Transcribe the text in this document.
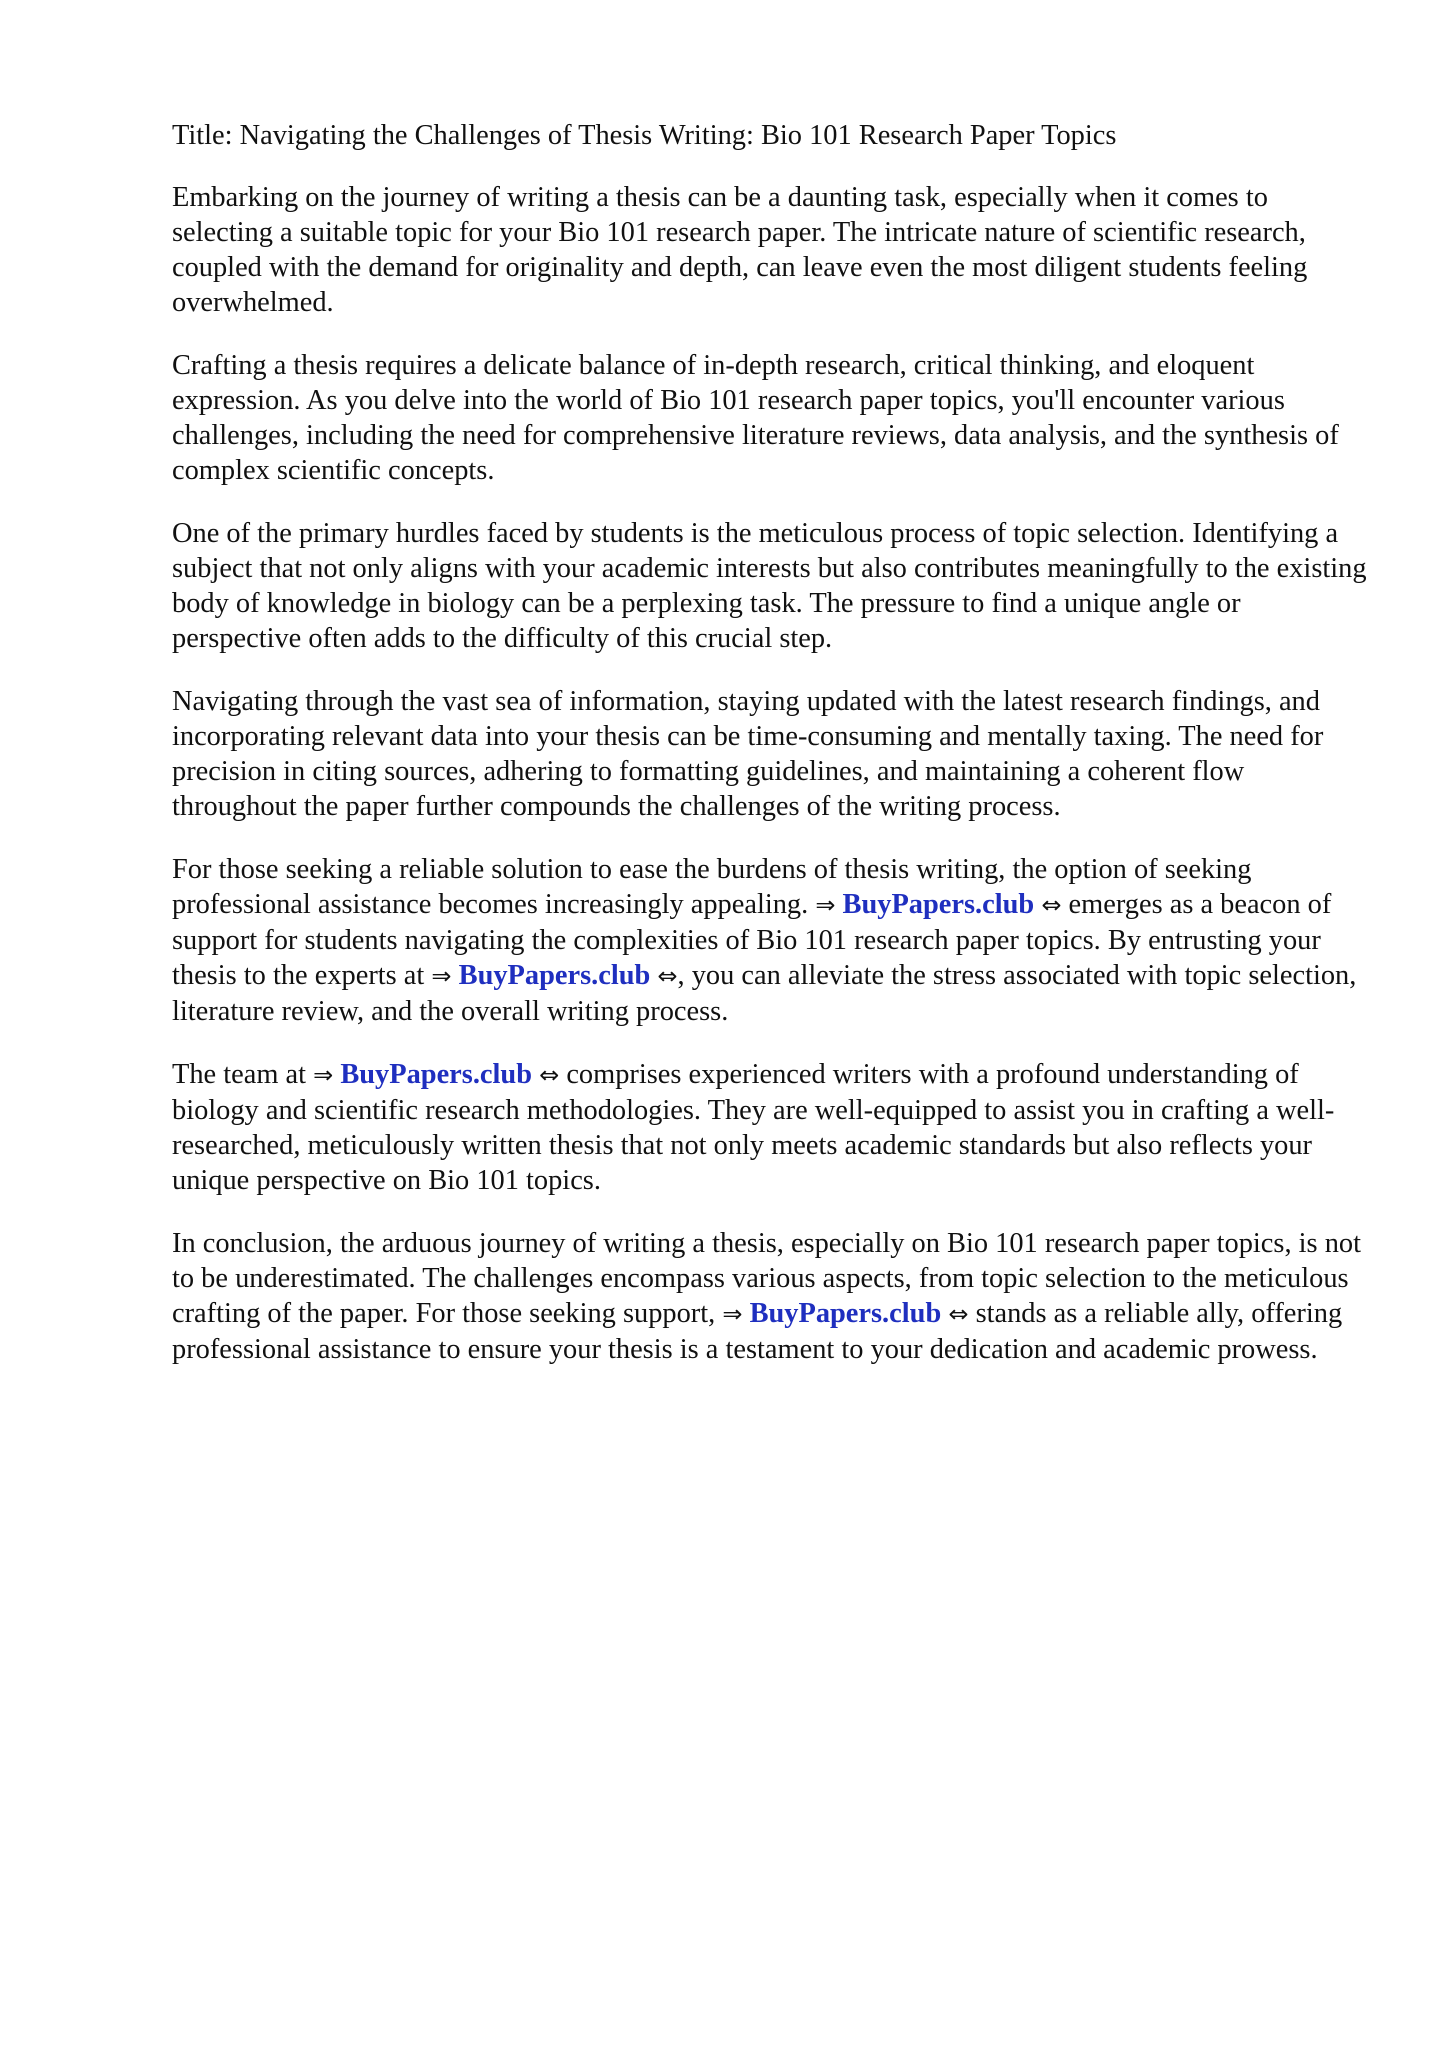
Title: Navigating the Challenges of Thesis Writing: Bio 101 Research Paper Topics

Embarking on the journey of writing a thesis can be a daunting task, especially when it comes to selecting a suitable topic for your Bio 101 research paper. The intricate nature of scientific research, coupled with the demand for originality and depth, can leave even the most diligent students feeling overwhelmed.

Crafting a thesis requires a delicate balance of in-depth research, critical thinking, and eloquent expression. As you delve into the world of Bio 101 research paper topics, you'll encounter various challenges, including the need for comprehensive literature reviews, data analysis, and the synthesis of complex scientific concepts.

One of the primary hurdles faced by students is the meticulous process of topic selection. Identifying a subject that not only aligns with your academic interests but also contributes meaningfully to the existing body of knowledge in biology can be a perplexing task. The pressure to find a unique angle or perspective often adds to the difficulty of this crucial step.

Navigating through the vast sea of information, staying updated with the latest research findings, and incorporating relevant data into your thesis can be time-consuming and mentally taxing. The need for precision in citing sources, adhering to formatting guidelines, and maintaining a coherent flow throughout the paper further compounds the challenges of the writing process.

For those seeking a reliable solution to ease the burdens of thesis writing, the option of seeking professional assistance becomes increasingly appealing. ⇒ BuyPapers.club ⇔ emerges as a beacon of support for students navigating the complexities of Bio 101 research paper topics. By entrusting your thesis to the experts at ⇒ BuyPapers.club ⇔, you can alleviate the stress associated with topic selection, literature review, and the overall writing process.

The team at ⇒ BuyPapers.club ⇔ comprises experienced writers with a profound understanding of biology and scientific research methodologies. They are well-equipped to assist you in crafting a well-researched, meticulously written thesis that not only meets academic standards but also reflects your unique perspective on Bio 101 topics.

In conclusion, the arduous journey of writing a thesis, especially on Bio 101 research paper topics, is not to be underestimated. The challenges encompass various aspects, from topic selection to the meticulous crafting of the paper. For those seeking support, ⇒ BuyPapers.club ⇔ stands as a reliable ally, offering professional assistance to ensure your thesis is a testament to your dedication and academic prowess.
